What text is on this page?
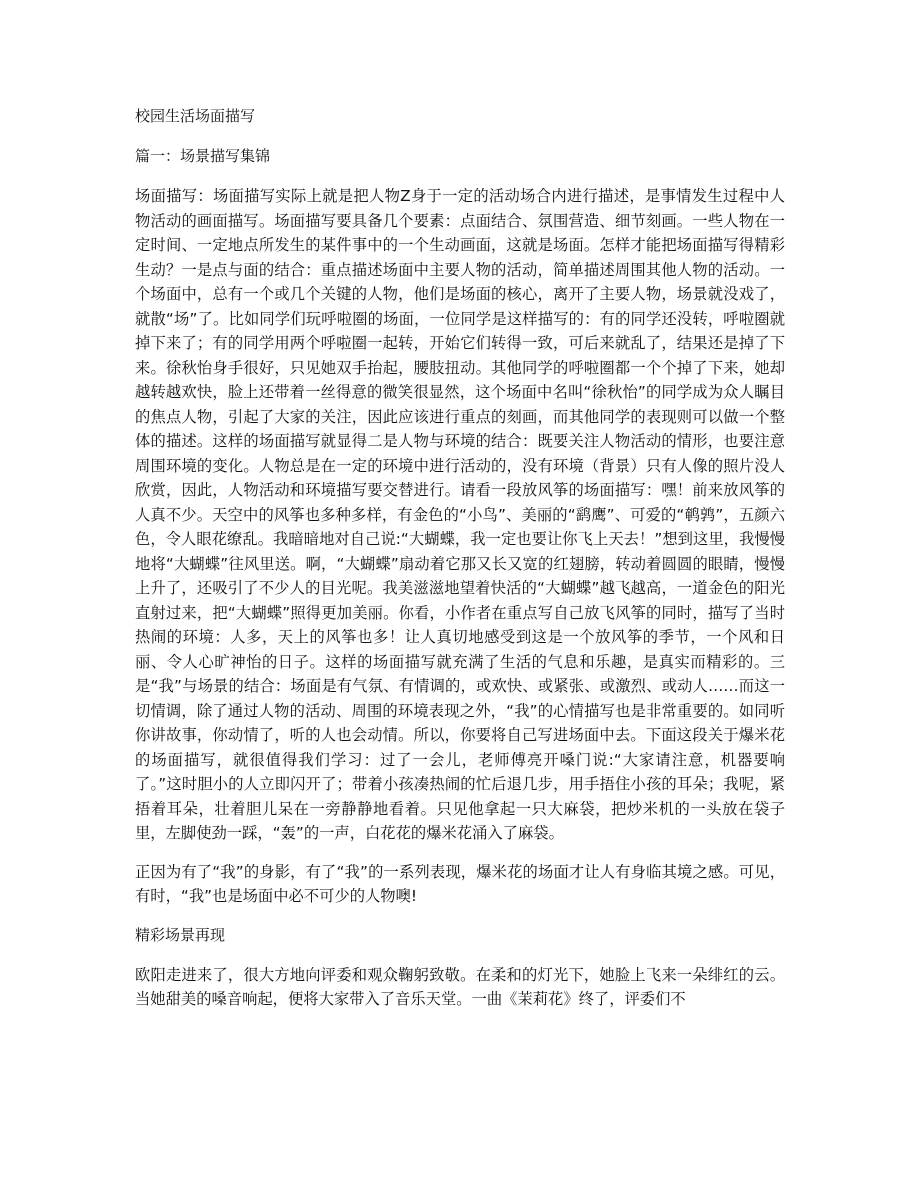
校园生活场面描写
篇一：场景描写集锦

场面描写：场面描写实际上就是把人物Z身于一定的活动场合内进行描述，是事情发生过程中人物活动的画面描写。场面描写要具备几个要素：点面结合、氛围营造、细节刻画。一些人物在一定时间、一定地点所发生的某件事中的一个生动画面，这就是场面。怎样才能把场面描写得精彩生动？一是点与面的结合：重点描述场面中主要人物的活动，简单描述周围其他人物的活动。一个场面中，总有一个或几个关键的人物，他们是场面的核心，离开了主要人物，场景就没戏了，就散“场”了。比如同学们玩呼啦圈的场面，一位同学是这样描写的：有的同学还没转，呼啦圈就掉下来了；有的同学用两个呼啦圈一起转，开始它们转得一致，可后来就乱了，结果还是掉了下来。徐秋怡身手很好，只见她双手抬起，腰肢扭动。其他同学的呼啦圈都一个个掉了下来，她却越转越欢快，脸上还带着一丝得意的微笑很显然，这个场面中名叫“徐秋怡”的同学成为众人瞩目的焦点人物，引起了大家的关注，因此应该进行重点的刻画，而其他同学的表现则可以做一个整体的描述。这样的场面描写就显得二是人物与环境的结合：既要关注人物活动的情形，也要注意周围环境的变化。人物总是在一定的环境中进行活动的，没有环境（背景）只有人像的照片没人欣赏，因此，人物活动和环境描写要交替进行。请看一段放风筝的场面描写：嘿！前来放风筝的人真不少。天空中的风筝也多种多样，有金色的“小鸟”、美丽的“鹞鹰”、可爱的“鹌鹑”，五颜六色，令人眼花缭乱。我暗暗地对自己说:“大蝴蝶，我一定也要让你飞上天去！”想到这里，我慢慢地将“大蝴蝶”往风里送。啊，“大蝴蝶”扇动着它那又长又宽的红翅膀，转动着圆圆的眼睛，慢慢上升了，还吸引了不少人的目光呢。我美滋滋地望着快活的“大蝴蝶”越飞越高，一道金色的阳光直射过来，把“大蝴蝶”照得更加美丽。你看，小作者在重点写自己放飞风筝的同时，描写了当时热闹的环境：人多，天上的风筝也多！让人真切地感受到这是一个放风筝的季节，一个风和日丽、令人心旷神怡的日子。这样的场面描写就充满了生活的气息和乐趣，是真实而精彩的。三是“我”与场景的结合：场面是有气氛、有情调的，或欢快、或紧张、或激烈、或动人……而这一切情调，除了通过人物的活动、周围的环境表现之外，“我”的心情描写也是非常重要的。如同听你讲故事，你动情了，听的人也会动情。所以，你要将自己写进场面中去。下面这段关于爆米花的场面描写，就很值得我们学习：过了一会儿，老师傅亮开嗓门说:“大家请注意，机器要响了。”这时胆小的人立即闪开了；带着小孩凑热闹的忙后退几步，用手捂住小孩的耳朵；我呢，紧捂着耳朵，壮着胆儿呆在一旁静静地看着。只见他拿起一只大麻袋，把炒米机的一头放在袋子里，左脚使劲一踩，“轰”的一声，白花花的爆米花涌入了麻袋。

正因为有了“我”的身影，有了“我”的一系列表现，爆米花的场面才让人有身临其境之感。可见，有时，“我”也是场面中必不可少的人物噢!

精彩场景再现

欧阳走进来了，很大方地向评委和观众鞠躬致敬。在柔和的灯光下，她脸上飞来一朵绯红的云。当她甜美的嗓音响起，便将大家带入了音乐天堂。一曲《茉莉花》终了，评委们不
